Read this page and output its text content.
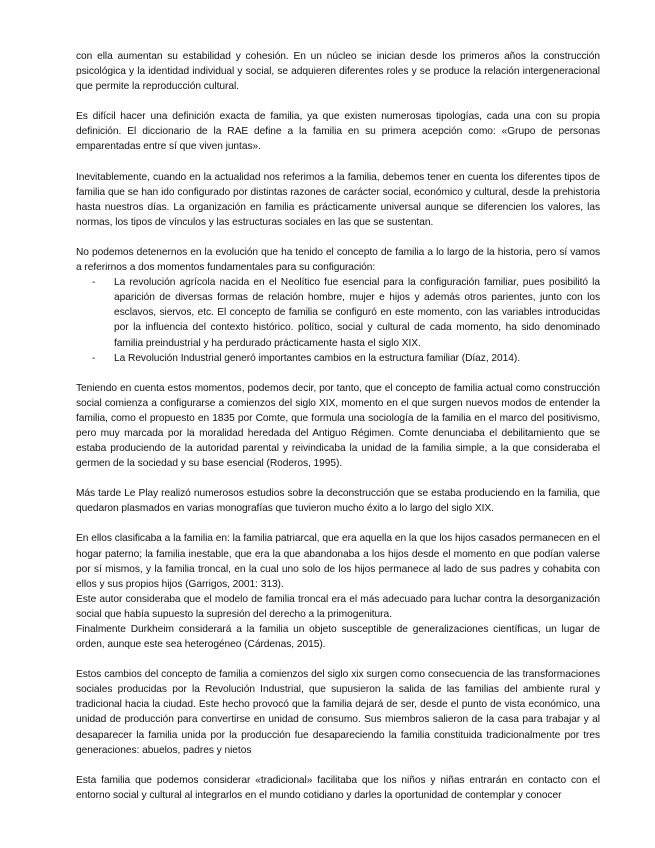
con ella aumentan su estabilidad y cohesión. En un núcleo se inician desde los primeros años la construcción psicológica y la identidad individual y social, se adquieren diferentes roles y se produce la relación intergeneracional que permite la reproducción cultural.

Es difícil hacer una definición exacta de familia, ya que existen numerosas tipologías, cada una con su propia definición. El diccionario de la RAE define a la familia en su primera acepción como: «Grupo de personas emparentadas entre sí que viven juntas».

Inevitablemente, cuando en la actualidad nos referimos a la familia, debemos tener en cuenta los diferentes tipos de familia que se han ido configurado por distintas razones de carácter social, económico y cultural, desde la prehistoria hasta nuestros días. La organización en familia es prácticamente universal aunque se diferencien los valores, las normas, los tipos de vínculos y las estructuras sociales en las que se sustentan.

No podemos detenernos en la evolución que ha tenido el concepto de familia a lo largo de la historia, pero sí vamos a referirnos a dos momentos fundamentales para su configuración:

- La revolución agrícola nacida en el Neolítico fue esencial para la configuración familiar, pues posibilitó la aparición de diversas formas de relación hombre, mujer e hijos y además otros parientes, junto con los esclavos, siervos, etc. El concepto de familia se configuró en este momento, con las variables introducidas por la influencia del contexto histórico. político, social y cultural de cada momento, ha sido denominado familia preindustrial y ha perdurado prácticamente hasta el siglo XIX.
- La Revolución Industrial generó importantes cambios en la estructura familiar (Díaz, 2014).

Teniendo en cuenta estos momentos, podemos decir, por tanto, que el concepto de familia actual como construcción social comienza a configurarse a comienzos del siglo XIX, momento en el que surgen nuevos modos de entender la familia, como el propuesto en 1835 por Comte, que formula una sociología de la familia en el marco del positivismo, pero muy marcada por la moralidad heredada del Antiguo Régimen. Comte denunciaba el debilitamiento que se estaba produciendo de la autoridad parental y reivindicaba la unidad de la familia simple, a la que consideraba el germen de la sociedad y su base esencial (Roderos, 1995).

Más tarde Le Play realizó numerosos estudios sobre la deconstrucción que se estaba produciendo en la familia, que quedaron plasmados en varias monografías que tuvieron mucho éxito a lo largo del siglo XIX.

En ellos clasificaba a la familia en: la familia patriarcal, que era aquella en la que los hijos casados permanecen en el hogar paterno; la familia inestable, que era la que abandonaba a los hijos desde el momento en que podían valerse por sí mismos, y la familia troncal, en la cual uno solo de los hijos permanece al lado de sus padres y cohabita con ellos y sus propios hijos (Garrigos, 2001: 313).

Este autor consideraba que el modelo de familia troncal era el más adecuado para luchar contra la desorganización social que había supuesto la supresión del derecho a la primogenitura.

Finalmente Durkheim considerará a la familia un objeto susceptible de generalizaciones científicas, un lugar de orden, aunque este sea heterogéneo (Cárdenas, 2015).

Estos cambios del concepto de familia a comienzos del siglo xix surgen como consecuencia de las transformaciones sociales producidas por la Revolución Industrial, que supusieron la salida de las familias del ambiente rural y tradicional hacia la ciudad. Este hecho provocó que la familia dejará de ser, desde el punto de vista económico, una unidad de producción para convertirse en unidad de consumo. Sus miembros salieron de la casa para trabajar y al desaparecer la familia unida por la producción fue desapareciendo la familia constituida tradicionalmente por tres generaciones: abuelos, padres y nietos

Esta familia que podemos considerar «tradicional» facilitaba que los niños y niñas entrarán en contacto con el entorno social y cultural al integrarlos en el mundo cotidiano y darles la oportunidad de contemplar y conocer
